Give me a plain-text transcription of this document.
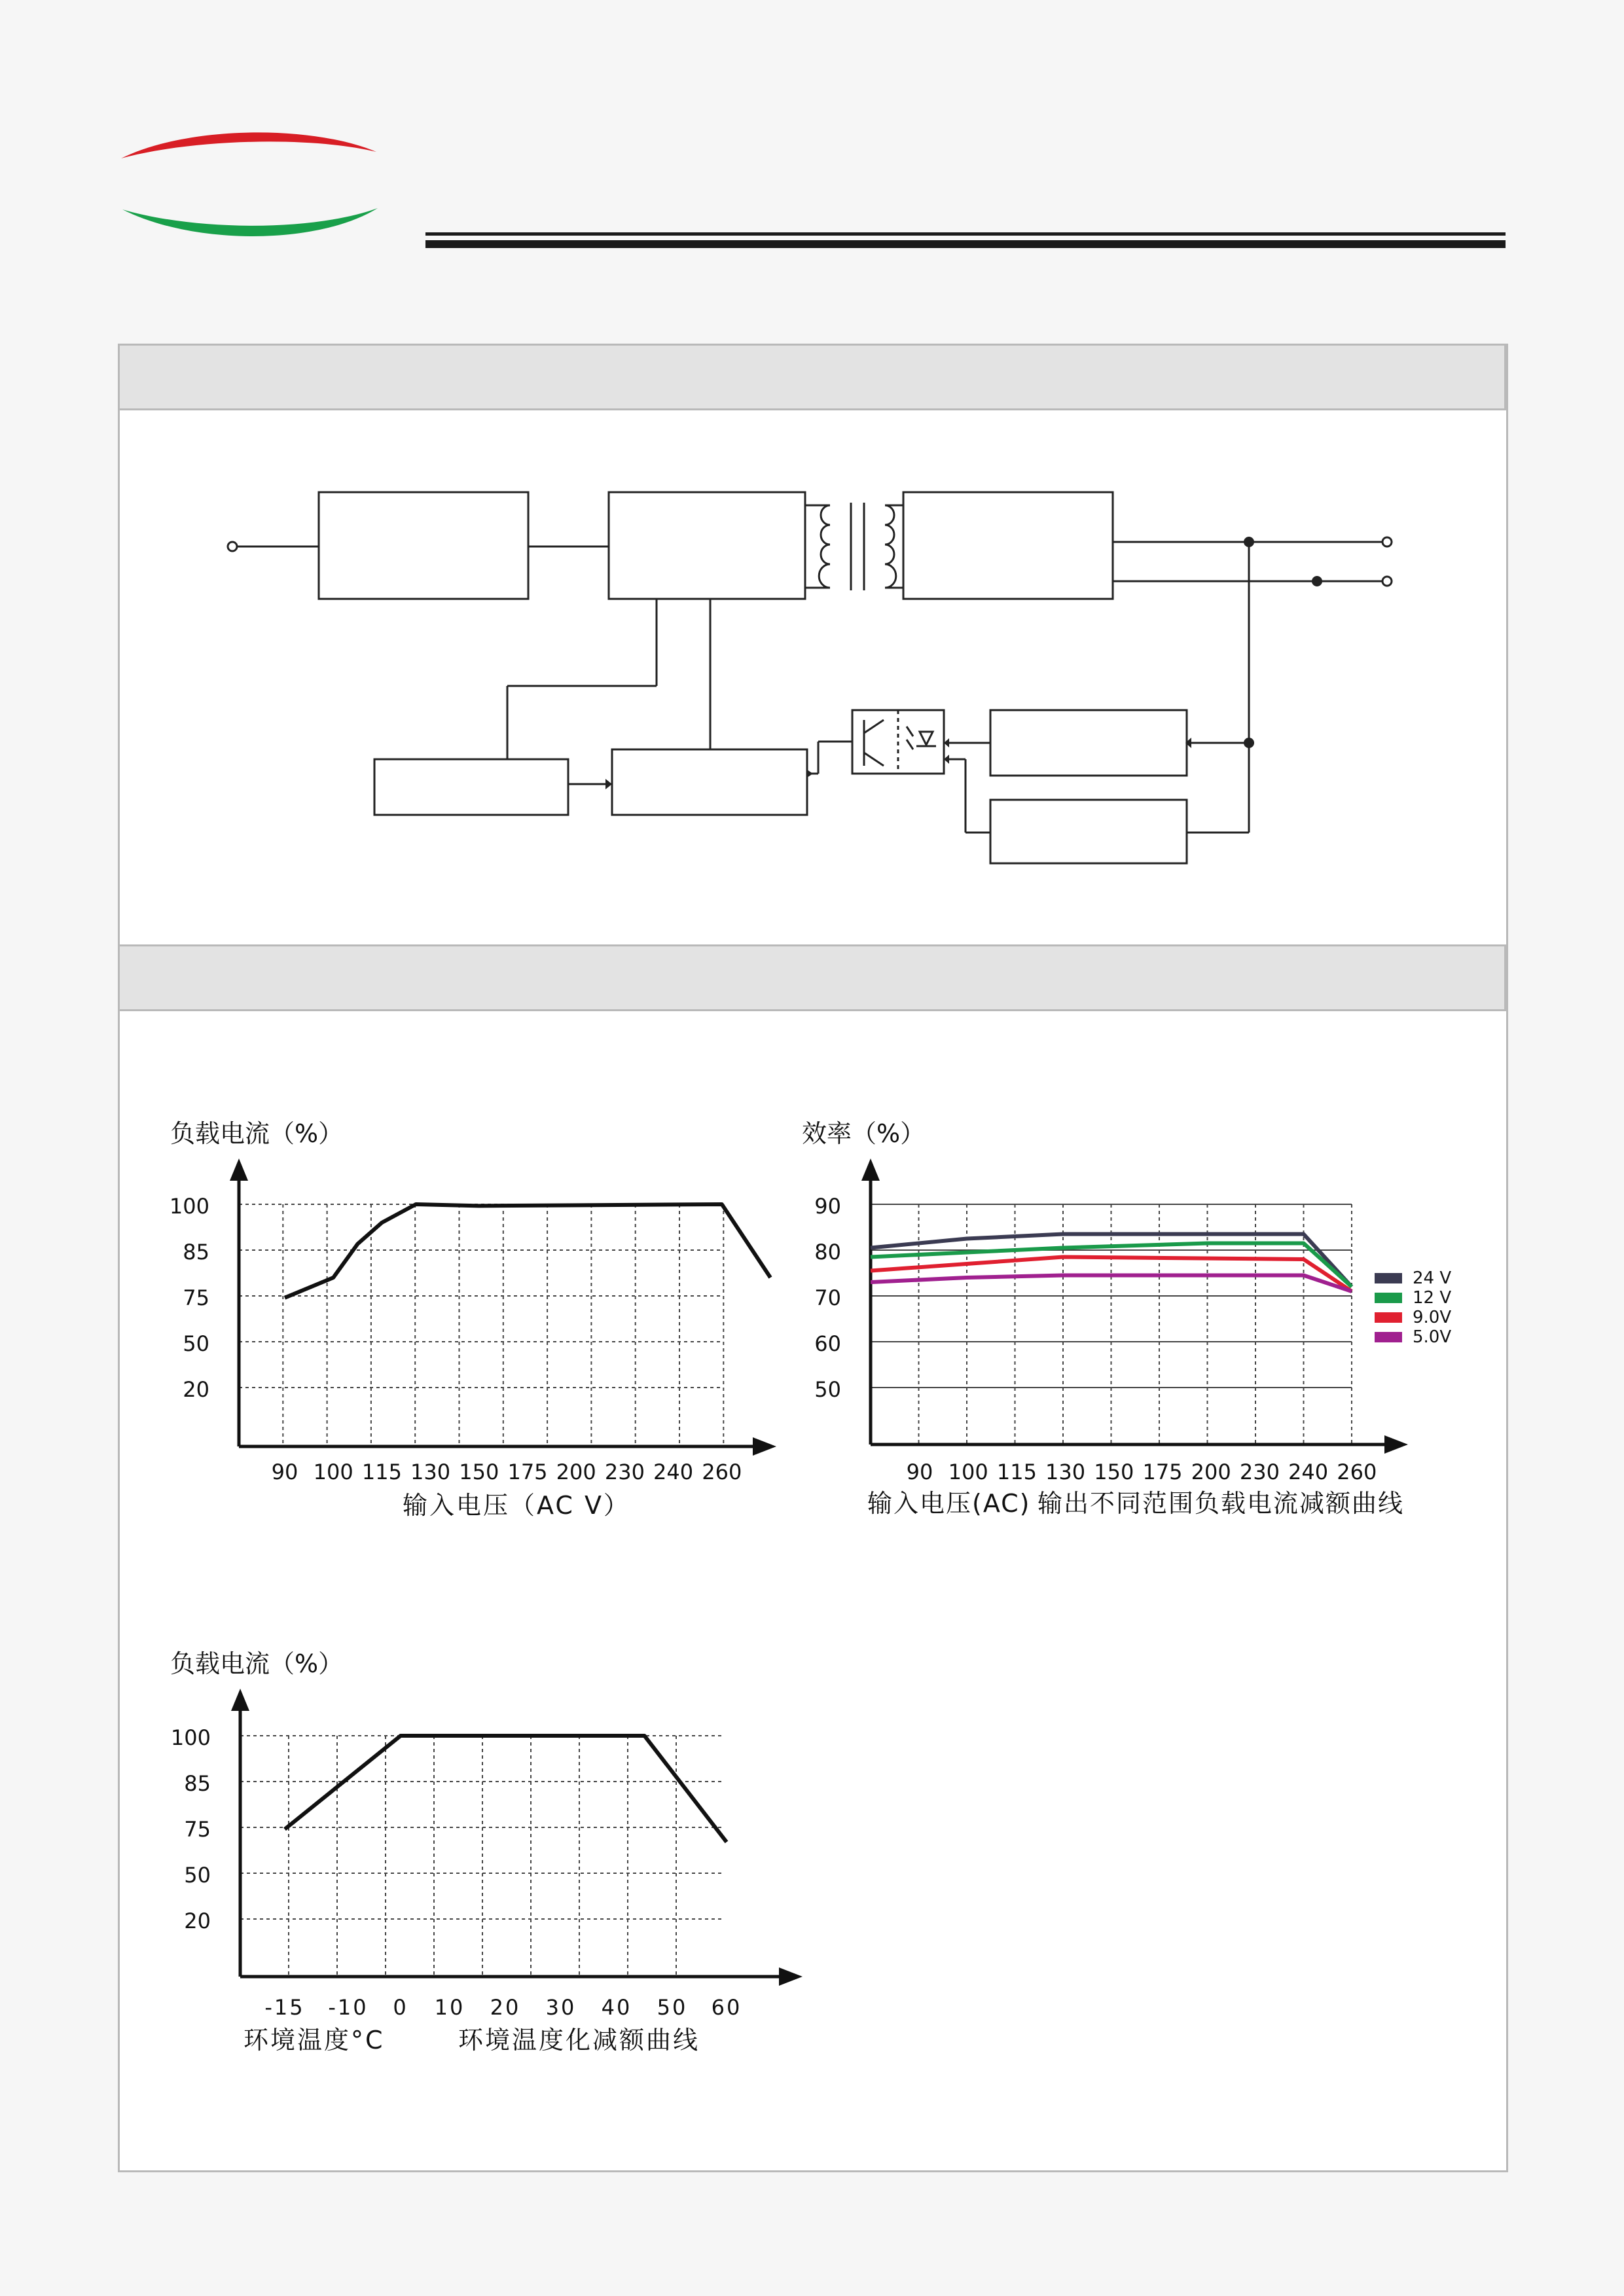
负载电流（%）
100
85
75
50
20
90 100 115 130 150 175 200 230 240 260
输入电压（AC V）
效率（%）
90
80
70
60
50
90 100 115 130 150 175 200 230 240 260
输入电压(AC) 输出不同范围负载电流减额曲线
24 V
12 V
9.0V
5.0V
负载电流（%）
100
85
75
50
20
-15 -10 0 10 20 30 40 50 60
环境温度°C	环境温度化减额曲线
